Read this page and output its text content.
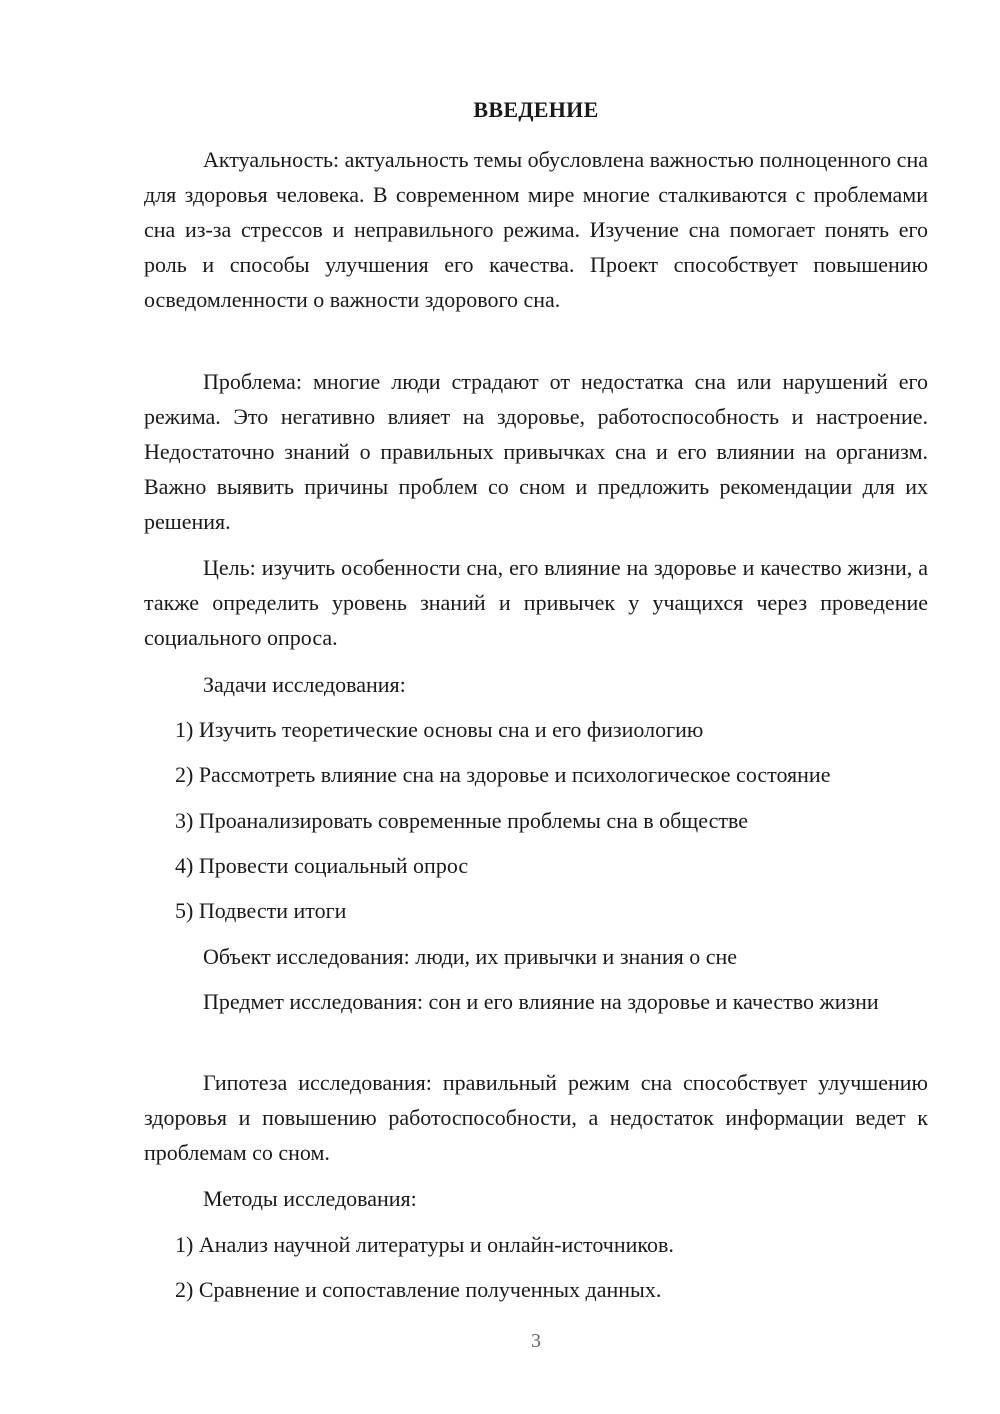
ВВЕДЕНИЕ

Актуальность: актуальность темы обусловлена важностью полноценного сна для здоровья человека. В современном мире многие сталкиваются с проблемами сна из-за стрессов и неправильного режима. Изучение сна помогает понять его роль и способы улучшения его качества. Проект способствует повышению осведомленности о важности здорового сна.

Проблема: многие люди страдают от недостатка сна или нарушений его режима. Это негативно влияет на здоровье, работоспособность и настроение. Недостаточно знаний о правильных привычках сна и его влиянии на организм. Важно выявить причины проблем со сном и предложить рекомендации для их решения.

Цель: изучить особенности сна, его влияние на здоровье и качество жизни, а также определить уровень знаний и привычек у учащихся через проведение социального опроса.

Задачи исследования:

1) Изучить теоретические основы сна и его физиологию

2) Рассмотреть влияние сна на здоровье и психологическое состояние

3) Проанализировать современные проблемы сна в обществе

4) Провести социальный опрос

5) Подвести итоги

Объект исследования: люди, их привычки и знания о сне

Предмет исследования: сон и его влияние на здоровье и качество жизни

Гипотеза исследования: правильный режим сна способствует улучшению здоровья и повышению работоспособности, а недостаток информации ведет к проблемам со сном.

Методы исследования:

1) Анализ научной литературы и онлайн-источников.

2) Сравнение и сопоставление полученных данных.

3
